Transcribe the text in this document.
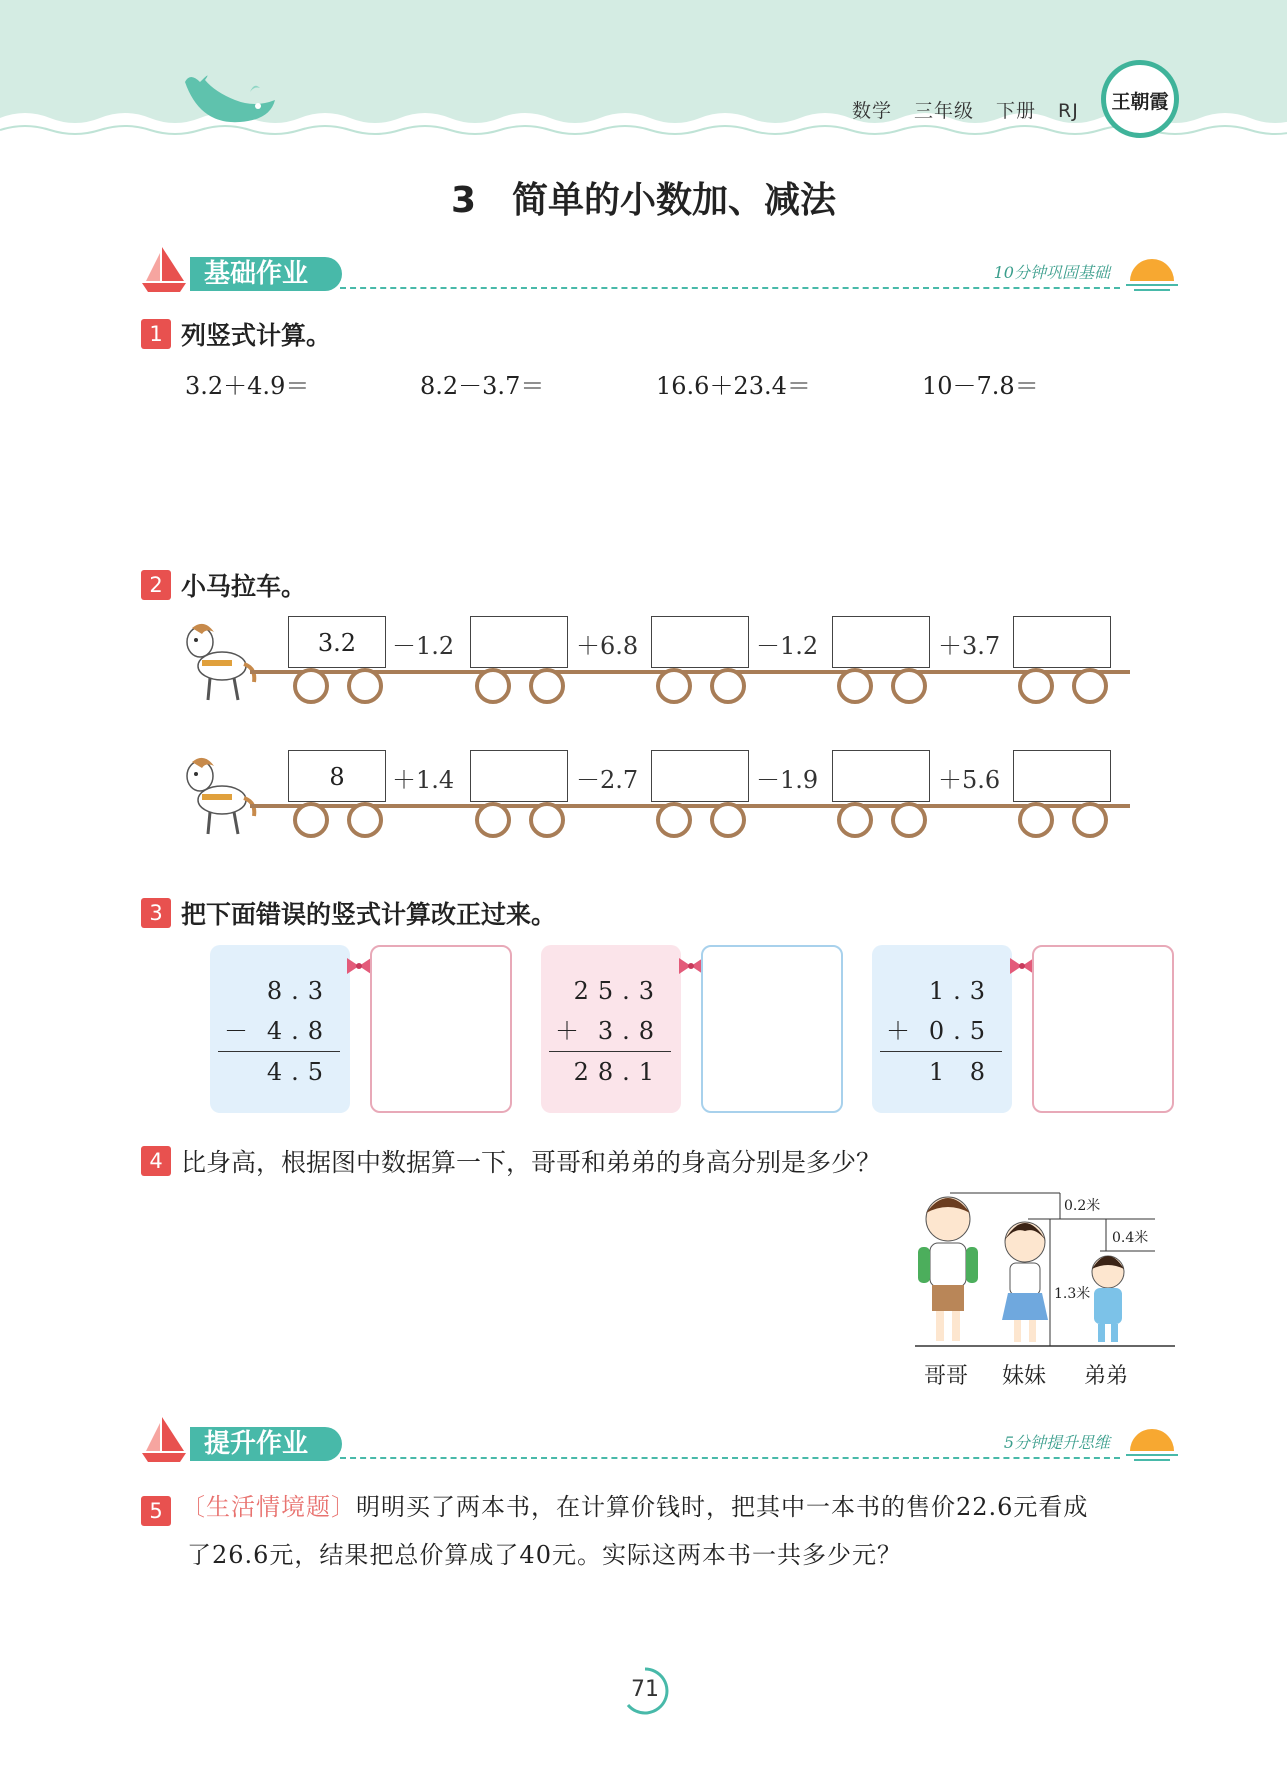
数学 三年级 下册 RJ	王朝霞
3　简单的小数加、减法
基础作业	10分钟巩固基础
1 列竖式计算。
3.2＋4.9＝	8.2－3.7＝	16.6＋23.4＝	10－7.8＝
2 小马拉车。
3.2	－1.2	＋6.8	－1.2	＋3.7
8	＋1.4	－2.7	－1.9	＋5.6
3 把下面错误的竖式计算改正过来。
8.3
－ 4.8
4.5
25.3
＋ 3.8
28.1
1.3
＋ 0.5
1 8
4 比身高，根据图中数据算一下，哥哥和弟弟的身高分别是多少？
0.2米
0.4米
1.3米
哥哥 妹妹 弟弟
提升作业	5分钟提升思维
5 〔生活情境题〕明明买了两本书，在计算价钱时，把其中一本书的售价22.6元看成
了26.6元，结果把总价算成了40元。实际这两本书一共多少元？
71
